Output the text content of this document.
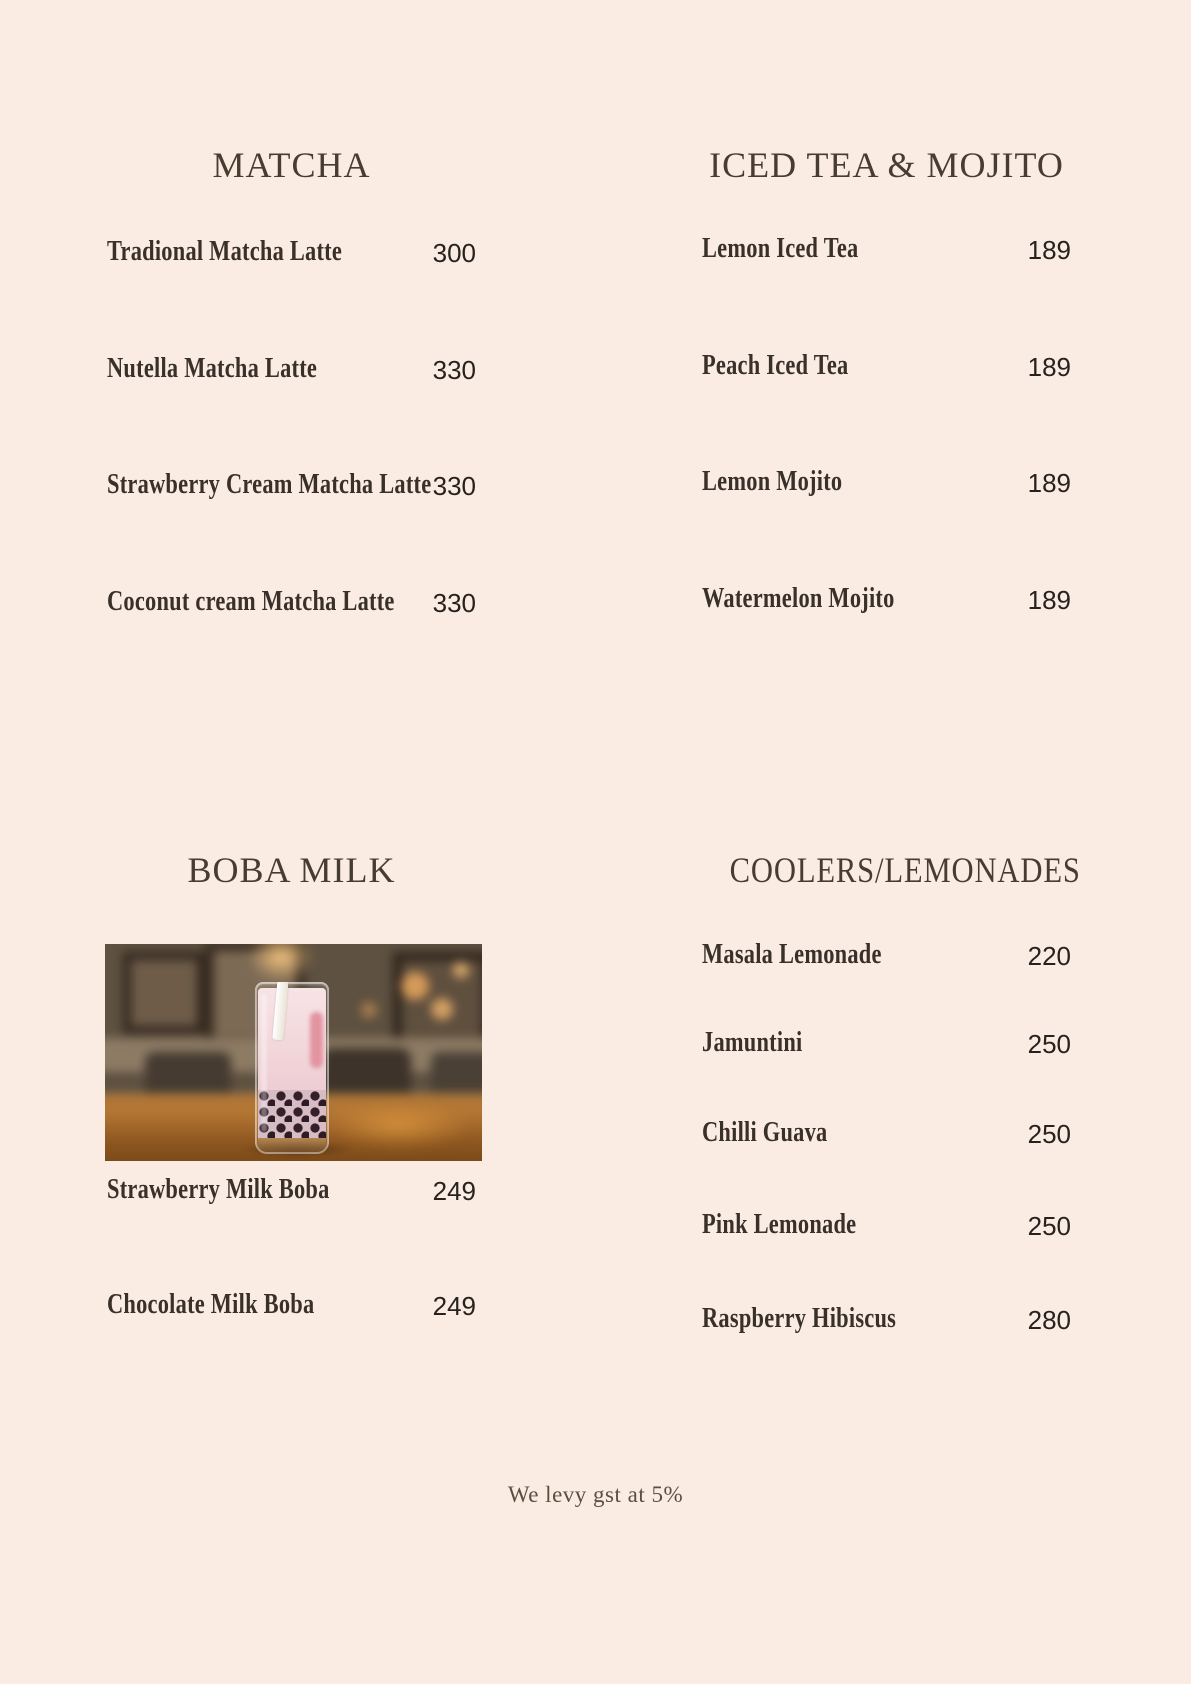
MATCHA
Tradional Matcha Latte	300
Nutella Matcha Latte	330
Strawberry Cream Matcha Latte 330
Coconut cream Matcha Latte 330
ICED TEA & MOJITO
Lemon Iced Tea	189
Peach Iced Tea	189
Lemon Mojito	189
Watermelon Mojito	189
BOBA MILK
Strawberry Milk Boba	249
Chocolate Milk Boba	249
COOLERS/LEMONADES
Masala Lemonade	220
Jamuntini	250
Chilli Guava	250
Pink Lemonade	250
Raspberry Hibiscus	280
We levy gst at 5%
